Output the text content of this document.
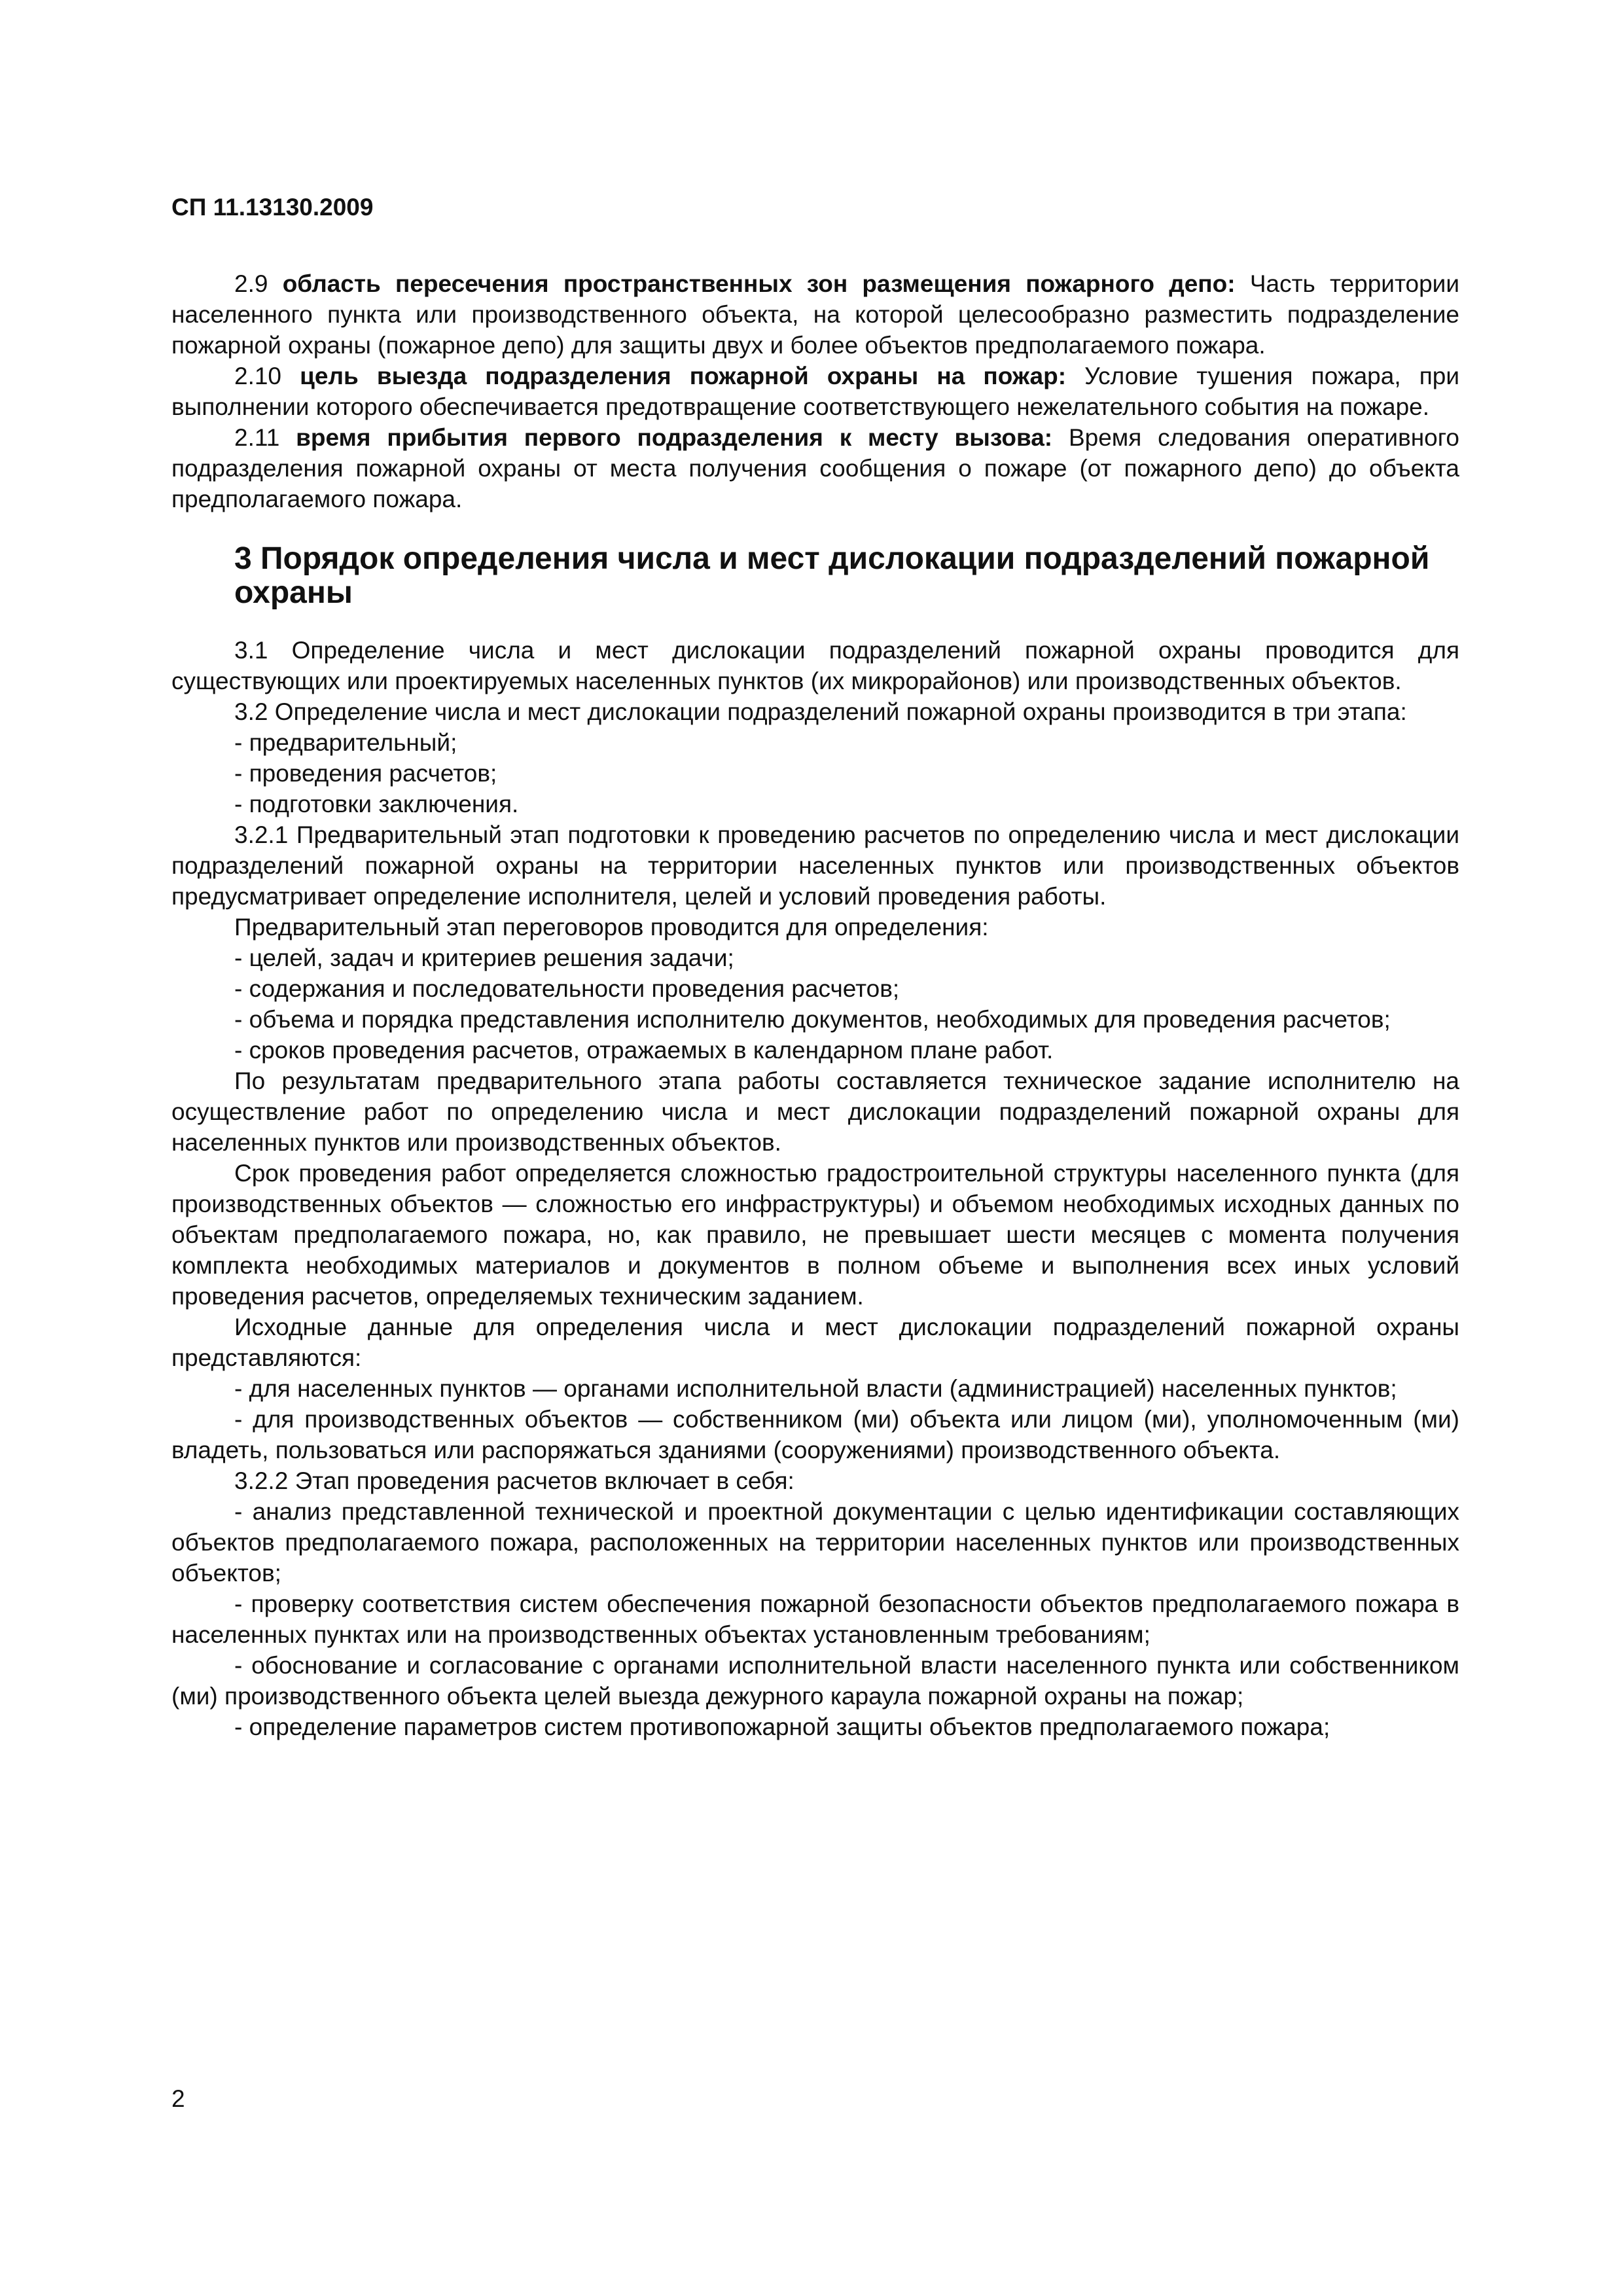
СП 11.13130.2009

2.9 область пересечения пространственных зон размещения пожарного депо: Часть территории населенного пункта или производственного объекта, на которой целесообразно разместить подразделение пожарной охраны (пожарное депо) для защиты двух и более объектов предполагаемого пожара.

2.10 цель выезда подразделения пожарной охраны на пожар: Условие тушения пожара, при выполнении которого обеспечивается предотвращение соответствующего нежелательного события на пожаре.

2.11 время прибытия первого подразделения к месту вызова: Время следования оперативного подразделения пожарной охраны от места получения сообщения о пожаре (от пожарного депо) до объекта предполагаемого пожара.

3 Порядок определения числа и мест дислокации подразделений пожарной охраны

3.1 Определение числа и мест дислокации подразделений пожарной охраны проводится для существующих или проектируемых населенных пунктов (их микрорайонов) или производственных объектов.

3.2 Определение числа и мест дислокации подразделений пожарной охраны производится в три этапа:

- предварительный;

- проведения расчетов;

- подготовки заключения.

3.2.1 Предварительный этап подготовки к проведению расчетов по определению числа и мест дислокации подразделений пожарной охраны на территории населенных пунктов или производственных объектов предусматривает определение исполнителя, целей и условий проведения работы.

Предварительный этап переговоров проводится для определения:

- целей, задач и критериев решения задачи;

- содержания и последовательности проведения расчетов;

- объема и порядка представления исполнителю документов, необходимых для проведения расчетов;

- сроков проведения расчетов, отражаемых в календарном плане работ.

По результатам предварительного этапа работы составляется техническое задание исполнителю на осуществление работ по определению числа и мест дислокации подразделений пожарной охраны для населенных пунктов или производственных объектов.

Срок проведения работ определяется сложностью градостроительной структуры населенного пункта (для производственных объектов — сложностью его инфраструктуры) и объемом необходимых исходных данных по объектам предполагаемого пожара, но, как правило, не превышает шести месяцев с момента получения комплекта необходимых материалов и документов в полном объеме и выполнения всех иных условий проведения расчетов, определяемых техническим заданием.

Исходные данные для определения числа и мест дислокации подразделений пожарной охраны представляются:

- для населенных пунктов — органами исполнительной власти (администрацией) населенных пунктов;

- для производственных объектов — собственником (ми) объекта или лицом (ми), уполномоченным (ми) владеть, пользоваться или распоряжаться зданиями (сооружениями) производственного объекта.

3.2.2 Этап проведения расчетов включает в себя:

- анализ представленной технической и проектной документации с целью идентификации составляющих объектов предполагаемого пожара, расположенных на территории населенных пунктов или производственных объектов;

- проверку соответствия систем обеспечения пожарной безопасности объектов предполагаемого пожара в населенных пунктах или на производственных объектах установленным требованиям;

- обоснование и согласование с органами исполнительной власти населенного пункта или собственником (ми) производственного объекта целей выезда дежурного караула пожарной охраны на пожар;

- определение параметров систем противопожарной защиты объектов предполагаемого пожара;

2
